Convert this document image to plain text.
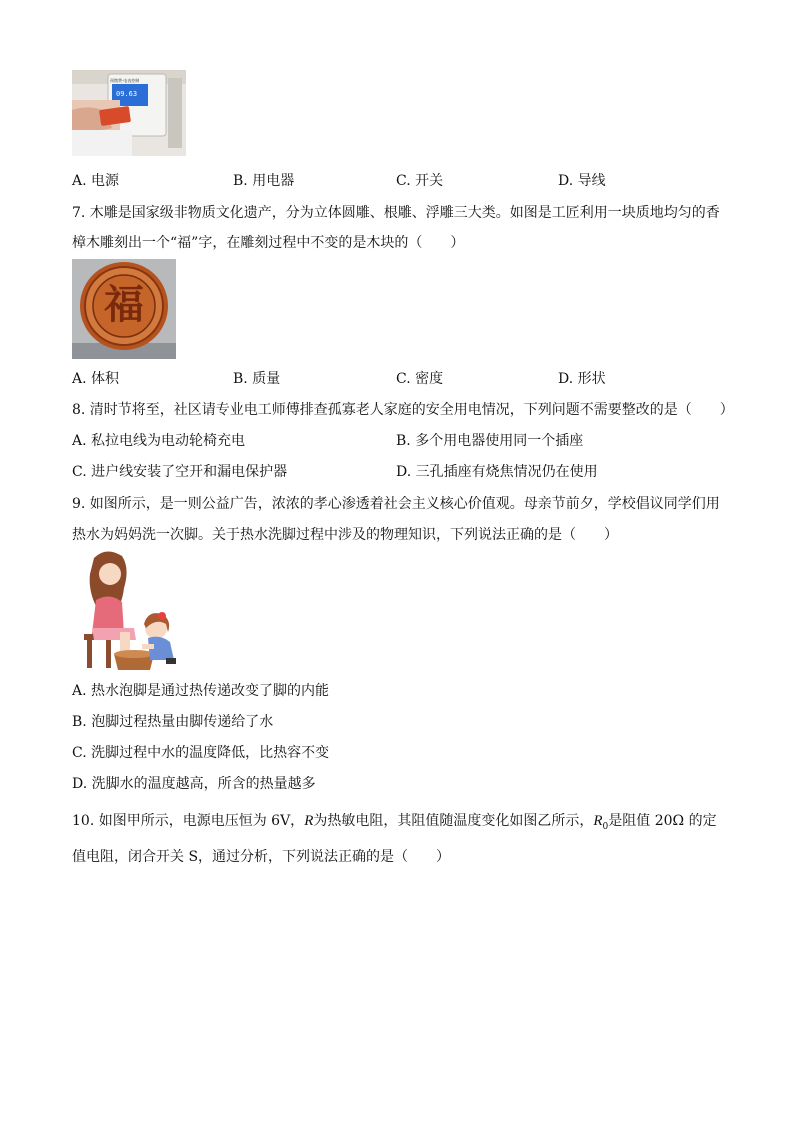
预缴费·电表控制
09.63
A. 电源	B. 用电器	C. 开关	D. 导线
7. 木雕是国家级非物质文化遗产，分为立体圆雕、根雕、浮雕三大类。如图是工匠利用一块质地均匀的香
樟木雕刻出一个“福”字，在雕刻过程中不变的是木块的（　　）
福
A. 体积	B. 质量	C. 密度	D. 形状
8. 清时节将至，社区请专业电工师傅排查孤寡老人家庭的安全用电情况，下列问题不需要整改的是（　　）
A. 私拉电线为电动轮椅充电	B. 多个用电器使用同一个插座
C. 进户线安装了空开和漏电保护器	D. 三孔插座有烧焦情况仍在使用
9. 如图所示，是一则公益广告，浓浓的孝心渗透着社会主义核心价值观。母亲节前夕，学校倡议同学们用
热水为妈妈洗一次脚。关于热水洗脚过程中涉及的物理知识，下列说法正确的是（　　）
A. 热水泡脚是通过热传递改变了脚的内能
B. 泡脚过程热量由脚传递给了水
C. 洗脚过程中水的温度降低，比热容不变
D. 洗脚水的温度越高，所含的热量越多
10. 如图甲所示，电源电压恒为 6V，R为热敏电阻，其阻值随温度变化如图乙所示，$R_0$是阻值 20Ω 的定
值电阻，闭合开关 S，通过分析，下列说法正确的是（　　）
